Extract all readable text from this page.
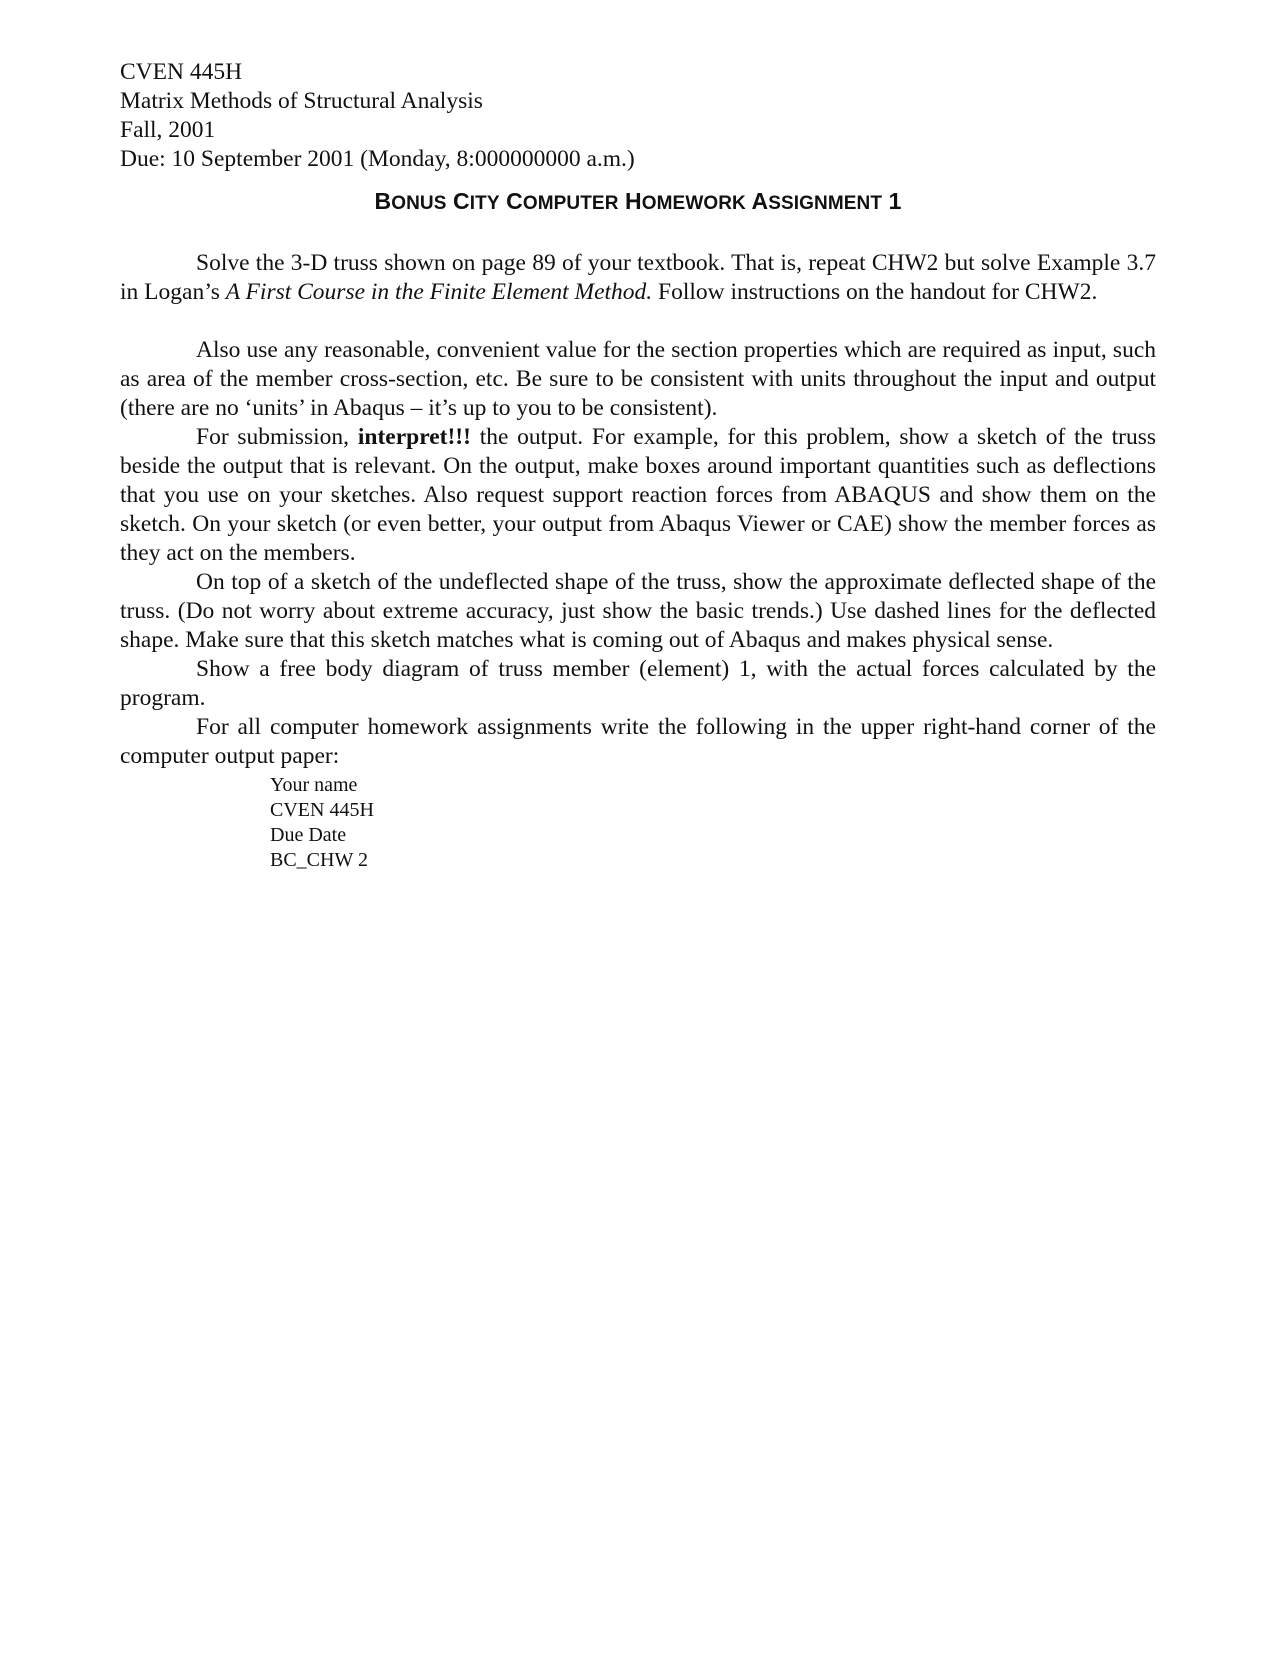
CVEN 445H
Matrix Methods of Structural Analysis
Fall, 2001
Due: 10 September 2001 (Monday, 8:000000000 a.m.)
BONUS CITY COMPUTER HOMEWORK ASSIGNMENT 1

Solve the 3-D truss shown on page 89 of your textbook. That is, repeat CHW2 but solve Example 3.7 in Logan’s A First Course in the Finite Element Method. Follow instructions on the handout for CHW2.

Also use any reasonable, convenient value for the section properties which are required as input, such as area of the member cross-section, etc. Be sure to be consistent with units throughout the input and output (there are no ‘units’ in Abaqus – it’s up to you to be consistent).

For submission, interpret!!! the output. For example, for this problem, show a sketch of the truss beside the output that is relevant. On the output, make boxes around important quantities such as deflections that you use on your sketches. Also request support reaction forces from ABAQUS and show them on the sketch. On your sketch (or even better, your output from Abaqus Viewer or CAE) show the member forces as they act on the members.

On top of a sketch of the undeflected shape of the truss, show the approximate deflected shape of the truss. (Do not worry about extreme accuracy, just show the basic trends.) Use dashed lines for the deflected shape. Make sure that this sketch matches what is coming out of Abaqus and makes physical sense.

Show a free body diagram of truss member (element) 1, with the actual forces calculated by the program.

For all computer homework assignments write the following in the upper right-hand corner of the computer output paper:

Your name
CVEN 445H
Due Date
BC_CHW 2
